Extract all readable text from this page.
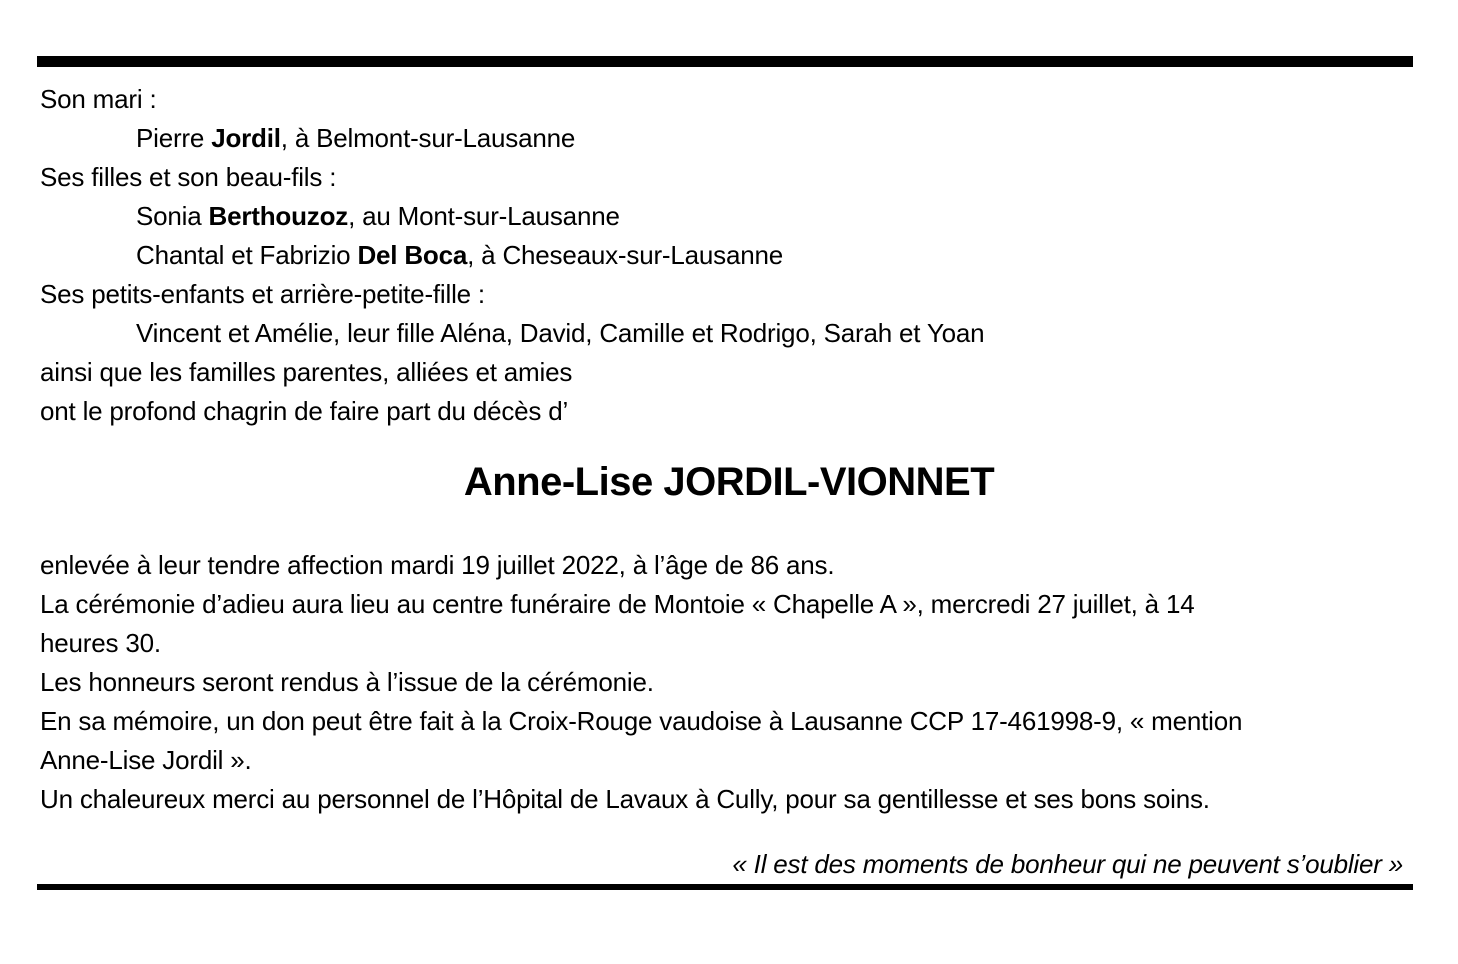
Son mari :
Pierre Jordil, à Belmont-sur-Lausanne
Ses filles et son beau-fils :
Sonia Berthouzoz, au Mont-sur-Lausanne
Chantal et Fabrizio Del Boca, à Cheseaux-sur-Lausanne
Ses petits-enfants et arrière-petite-fille :
Vincent et Amélie, leur fille Aléna, David, Camille et Rodrigo, Sarah et Yoan
ainsi que les familles parentes, alliées et amies
ont le profond chagrin de faire part du décès d’
Anne-Lise JORDIL-VIONNET
enlevée à leur tendre affection mardi 19 juillet 2022, à l’âge de 86 ans.
La cérémonie d’adieu aura lieu au centre funéraire de Montoie « Chapelle A », mercredi 27 juillet, à 14
heures 30.
Les honneurs seront rendus à l’issue de la cérémonie.
En sa mémoire, un don peut être fait à la Croix-Rouge vaudoise à Lausanne CCP 17-461998-9, « mention
Anne-Lise Jordil ».
Un chaleureux merci au personnel de l’Hôpital de Lavaux à Cully, pour sa gentillesse et ses bons soins.
« Il est des moments de bonheur qui ne peuvent s’oublier »
